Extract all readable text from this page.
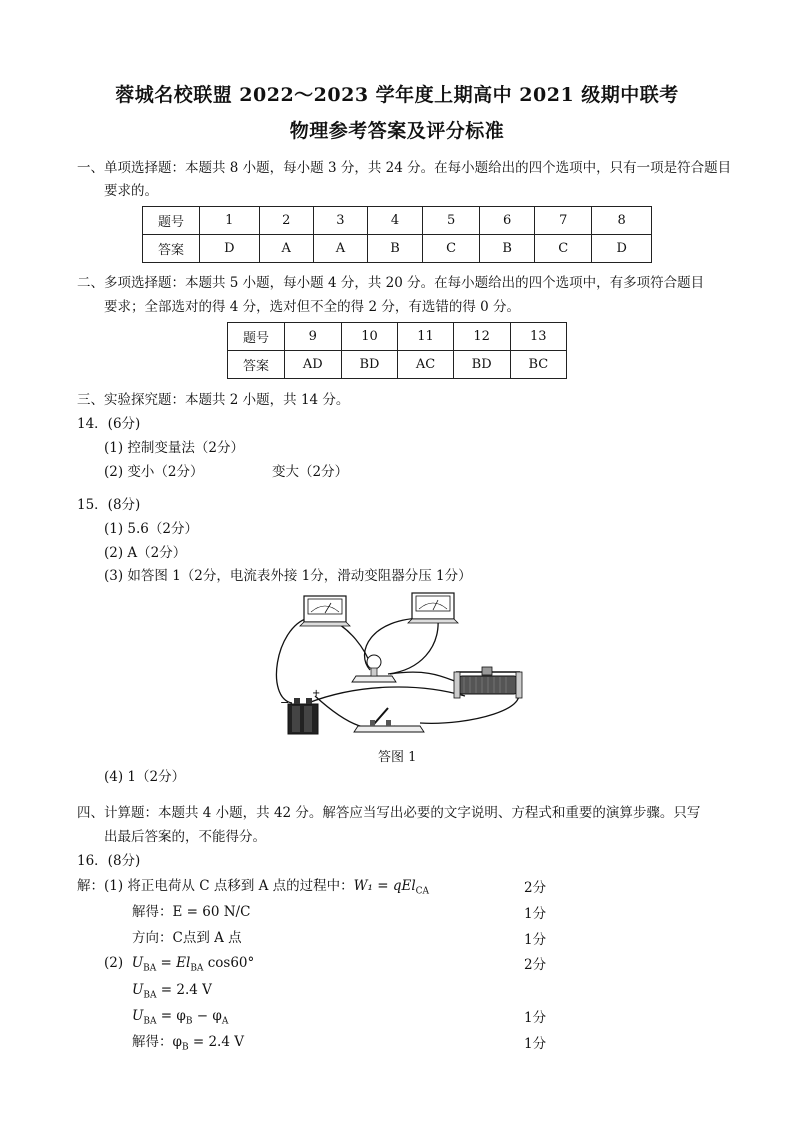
蓉城名校联盟 2022～2023 学年度上期高中 2021 级期中联考
物理参考答案及评分标准
一、单项选择题：本题共 8 小题，每小题 3 分，共 24 分。在每小题给出的四个选项中，只有一项是符合题目
要求的。
题号	1	2	3	4	5	6	7	8
答案	D	A	A	B	C	B	C	D
二、多项选择题：本题共 5 小题，每小题 4 分，共 20 分。在每小题给出的四个选项中，有多项符合题目
要求；全部选对的得 4 分，选对但不全的得 2 分，有选错的得 0 分。
题号	9	10	11	12	13
答案	AD	BD	AC	BD	BC
三、实验探究题：本题共 2 小题，共 14 分。
14．(6分)
(1) 控制变量法（2分）
(2) 变小（2分）	变大（2分）
15．(8分)
(1) 5.6（2分）
(2) A（2分）
(3) 如答图 1（2分，电流表外接 1分，滑动变阻器分压 1分）
−
+
答图 1
(4) 1（2分）
四、计算题：本题共 4 小题，共 42 分。解答应当写出必要的文字说明、方程式和重要的演算步骤。只写
出最后答案的，不能得分。
16．(8分)
解： (1) 将正电荷从 C 点移到 A 点的过程中：W₁ = qEl$_{CA}$	2分
解得：E = 60 N/C	1分
方向：C点到 A 点	1分
(2) $U_{BA} = El_{BA}$ cos60°	2分
$U_{BA} = 2.4$ V
$U_{BA} = \varphi_B - \varphi_A$	1分
解得：$\varphi_B = 2.4$ V	1分
